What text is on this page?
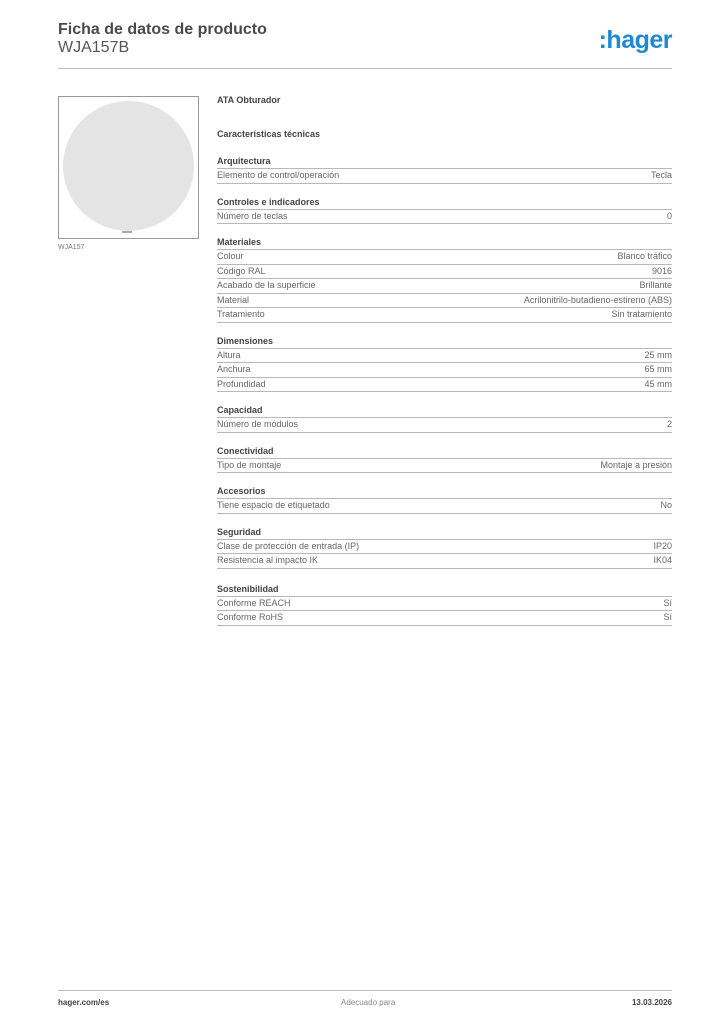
Ficha de datos de producto
WJA157B	:hager
WJA157
ATA Obturador
Características técnicas
Arquitectura
Elemento de control/operación	Tecla
Controles e indicadores
Número de teclas	0
Materiales
Colour	Blanco tráfico
Código RAL	9016
Acabado de la superficie	Brillante
Material	Acrilonitrilo-butadieno-estireno (ABS)
Tratamiento	Sin tratamiento
Dimensiones
Altura	25 mm
Anchura	65 mm
Profundidad	45 mm
Capacidad
Número de módulos	2
Conectividad
Tipo de montaje	Montaje a presión
Accesorios
Tiene espacio de etiquetado	No
Seguridad
Clase de protección de entrada (IP)	IP20
Resistencia al impacto IK	IK04
Sostenibilidad
Conforme REACH	Sí
Conforme RoHS	Sí
hager.com/es	Adecuado para	13.03.2026
